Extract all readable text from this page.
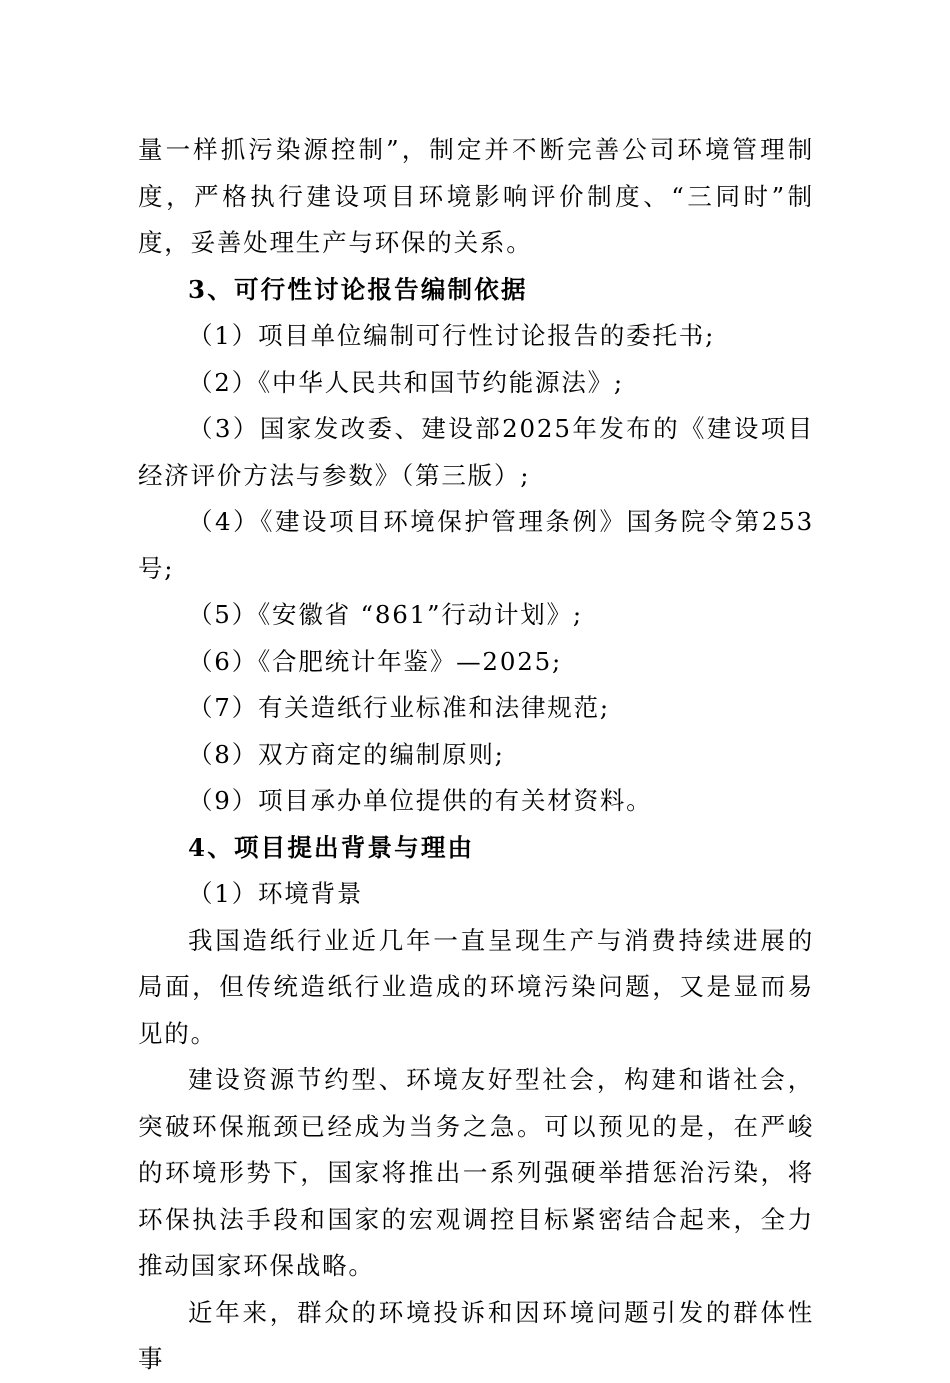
量一样抓污染源控制”，制定并不断完善公司环境管理制度，严格执行建设项目环境影响评价制度、“三同时”制度，妥善处理生产与环保的关系。

3、可行性讨论报告编制依据

（1）项目单位编制可行性讨论报告的委托书;

（2）《中华人民共和国节约能源法》;

（3）国家发改委、建设部2025年发布的《建设项目经济评价方法与参数》（第三版）;

（4）《建设项目环境保护管理条例》国务院令第253号;

（5）《安徽省 “861”行动计划》;

（6）《合肥统计年鉴》—2025;

（7）有关造纸行业标准和法律规范;

（8）双方商定的编制原则;

（9）项目承办单位提供的有关材资料。

4、项目提出背景与理由

（1）环境背景

我国造纸行业近几年一直呈现生产与消费持续进展的局面，但传统造纸行业造成的环境污染问题，又是显而易见的。

建设资源节约型、环境友好型社会，构建和谐社会，突破环保瓶颈已经成为当务之急。可以预见的是，在严峻的环境形势下，国家将推出一系列强硬举措惩治污染，将环保执法手段和国家的宏观调控目标紧密结合起来，全力推动国家环保战略。

近年来，群众的环境投诉和因环境问题引发的群体性事
